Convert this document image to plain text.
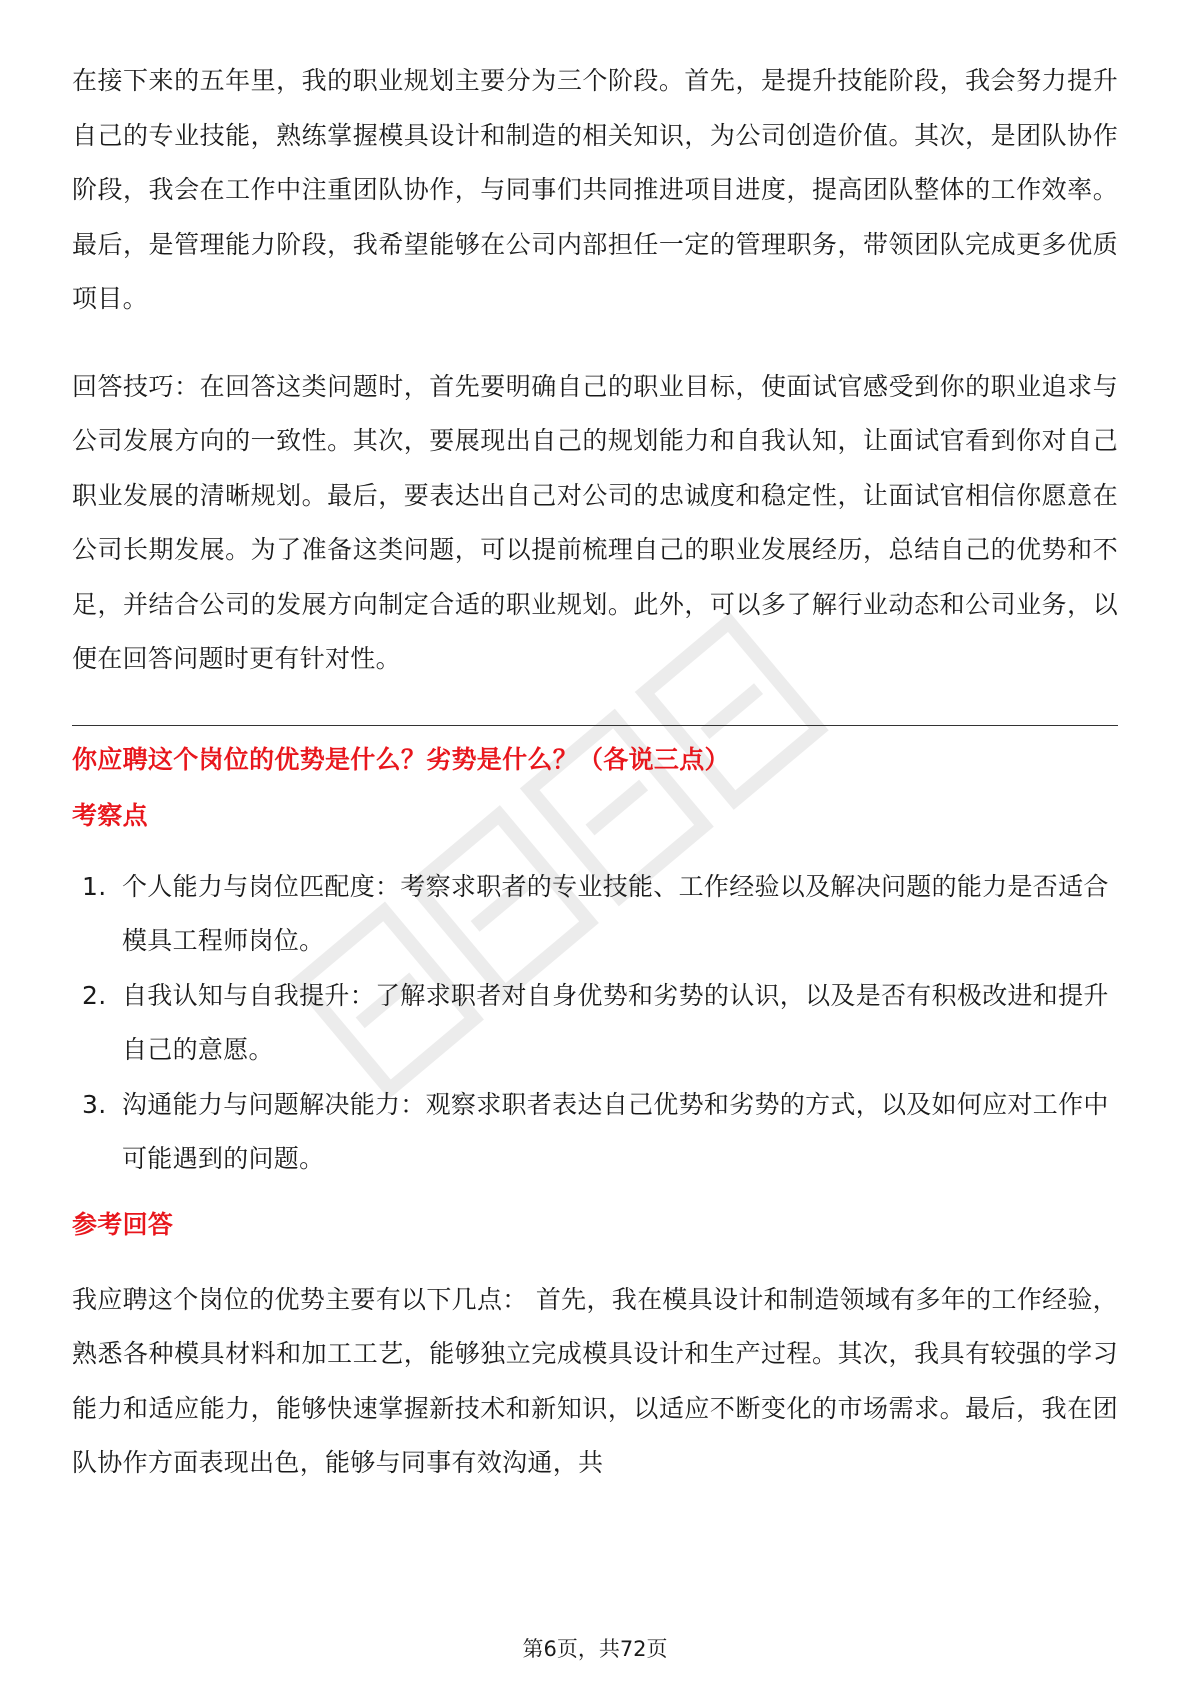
在接下来的五年里，我的职业规划主要分为三个阶段。首先，是提升技能阶段，我会努力提升自己的专业技能，熟练掌握模具设计和制造的相关知识，为公司创造价值。其次，是团队协作阶段，我会在工作中注重团队协作，与同事们共同推进项目进度，提高团队整体的工作效率。最后，是管理能力阶段，我希望能够在公司内部担任一定的管理职务，带领团队完成更多优质项目。

回答技巧：在回答这类问题时，首先要明确自己的职业目标，使面试官感受到你的职业追求与公司发展方向的一致性。其次，要展现出自己的规划能力和自我认知，让面试官看到你对自己职业发展的清晰规划。最后，要表达出自己对公司的忠诚度和稳定性，让面试官相信你愿意在公司长期发展。为了准备这类问题，可以提前梳理自己的职业发展经历，总结自己的优势和不足，并结合公司的发展方向制定合适的职业规划。此外，可以多了解行业动态和公司业务，以便在回答问题时更有针对性。

你应聘这个岗位的优势是什么？劣势是什么？（各说三点）
考察点
1. 个人能力与岗位匹配度：考察求职者的专业技能、工作经验以及解决问题的能力是否适合模具工程师岗位。
2. 自我认知与自我提升：了解求职者对自身优势和劣势的认识，以及是否有积极改进和提升自己的意愿。
3. 沟通能力与问题解决能力：观察求职者表达自己优势和劣势的方式，以及如何应对工作中可能遇到的问题。
参考回答

我应聘这个岗位的优势主要有以下几点： 首先，我在模具设计和制造领域有多年的工作经验，熟悉各种模具材料和加工工艺，能够独立完成模具设计和生产过程。其次，我具有较强的学习能力和适应能力，能够快速掌握新技术和新知识，以适应不断变化的市场需求。最后，我在团队协作方面表现出色，能够与同事有效沟通，共

第6页，共72页
